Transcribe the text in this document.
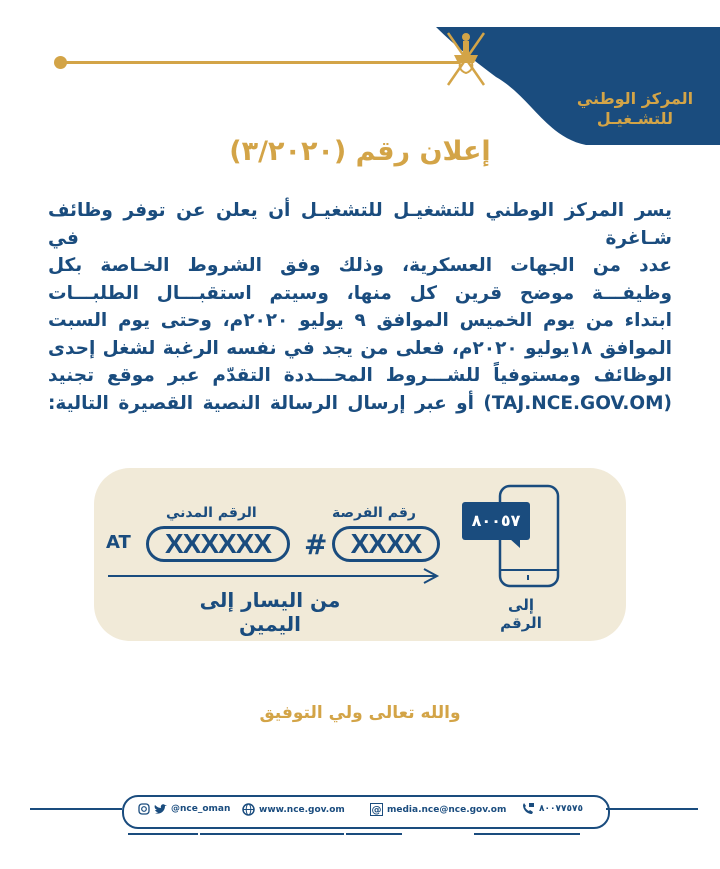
المركز الوطني
للتشـغيـل
إعلان رقم (٣/٢٠٢٠)
يسر المركز الوطني للتشغيـل للتشغيـل أن يعلن عن توفر وظائف شـاغرة في
عدد من الجهات العسكرية، وذلك وفق الشروط الخـاصة بكل
وظيفـــة موضح قرين كل منها، وسيتم استقبـــال الطلبـــات
ابتداء من يوم الخميس الموافق ٩ يوليو ٢٠٢٠م، وحتى يوم السبت
الموافق ١٨يوليو ٢٠٢٠م، فعلى من يجد في نفسه الرغبة لشغل إحدى
الوظائف ومستوفياً للشـــروط المحـــددة التقدّم عبر موقع تجنيد
(TAJ.NCE.GOV.OM) أو عبر إرسال الرسالة النصية القصيرة التالية:
الرقم المدني	رقم الفرصة
AT	XXXXXX	# XXXX
من اليسار إلى اليمين
٨٠٠٥٧
إلى الرقم
والله تعالى ولي التوفيق
@nce_oman	www.nce.gov.om	@ media.nce@nce.gov.om	٨٠٠٧٧٥٧٥
